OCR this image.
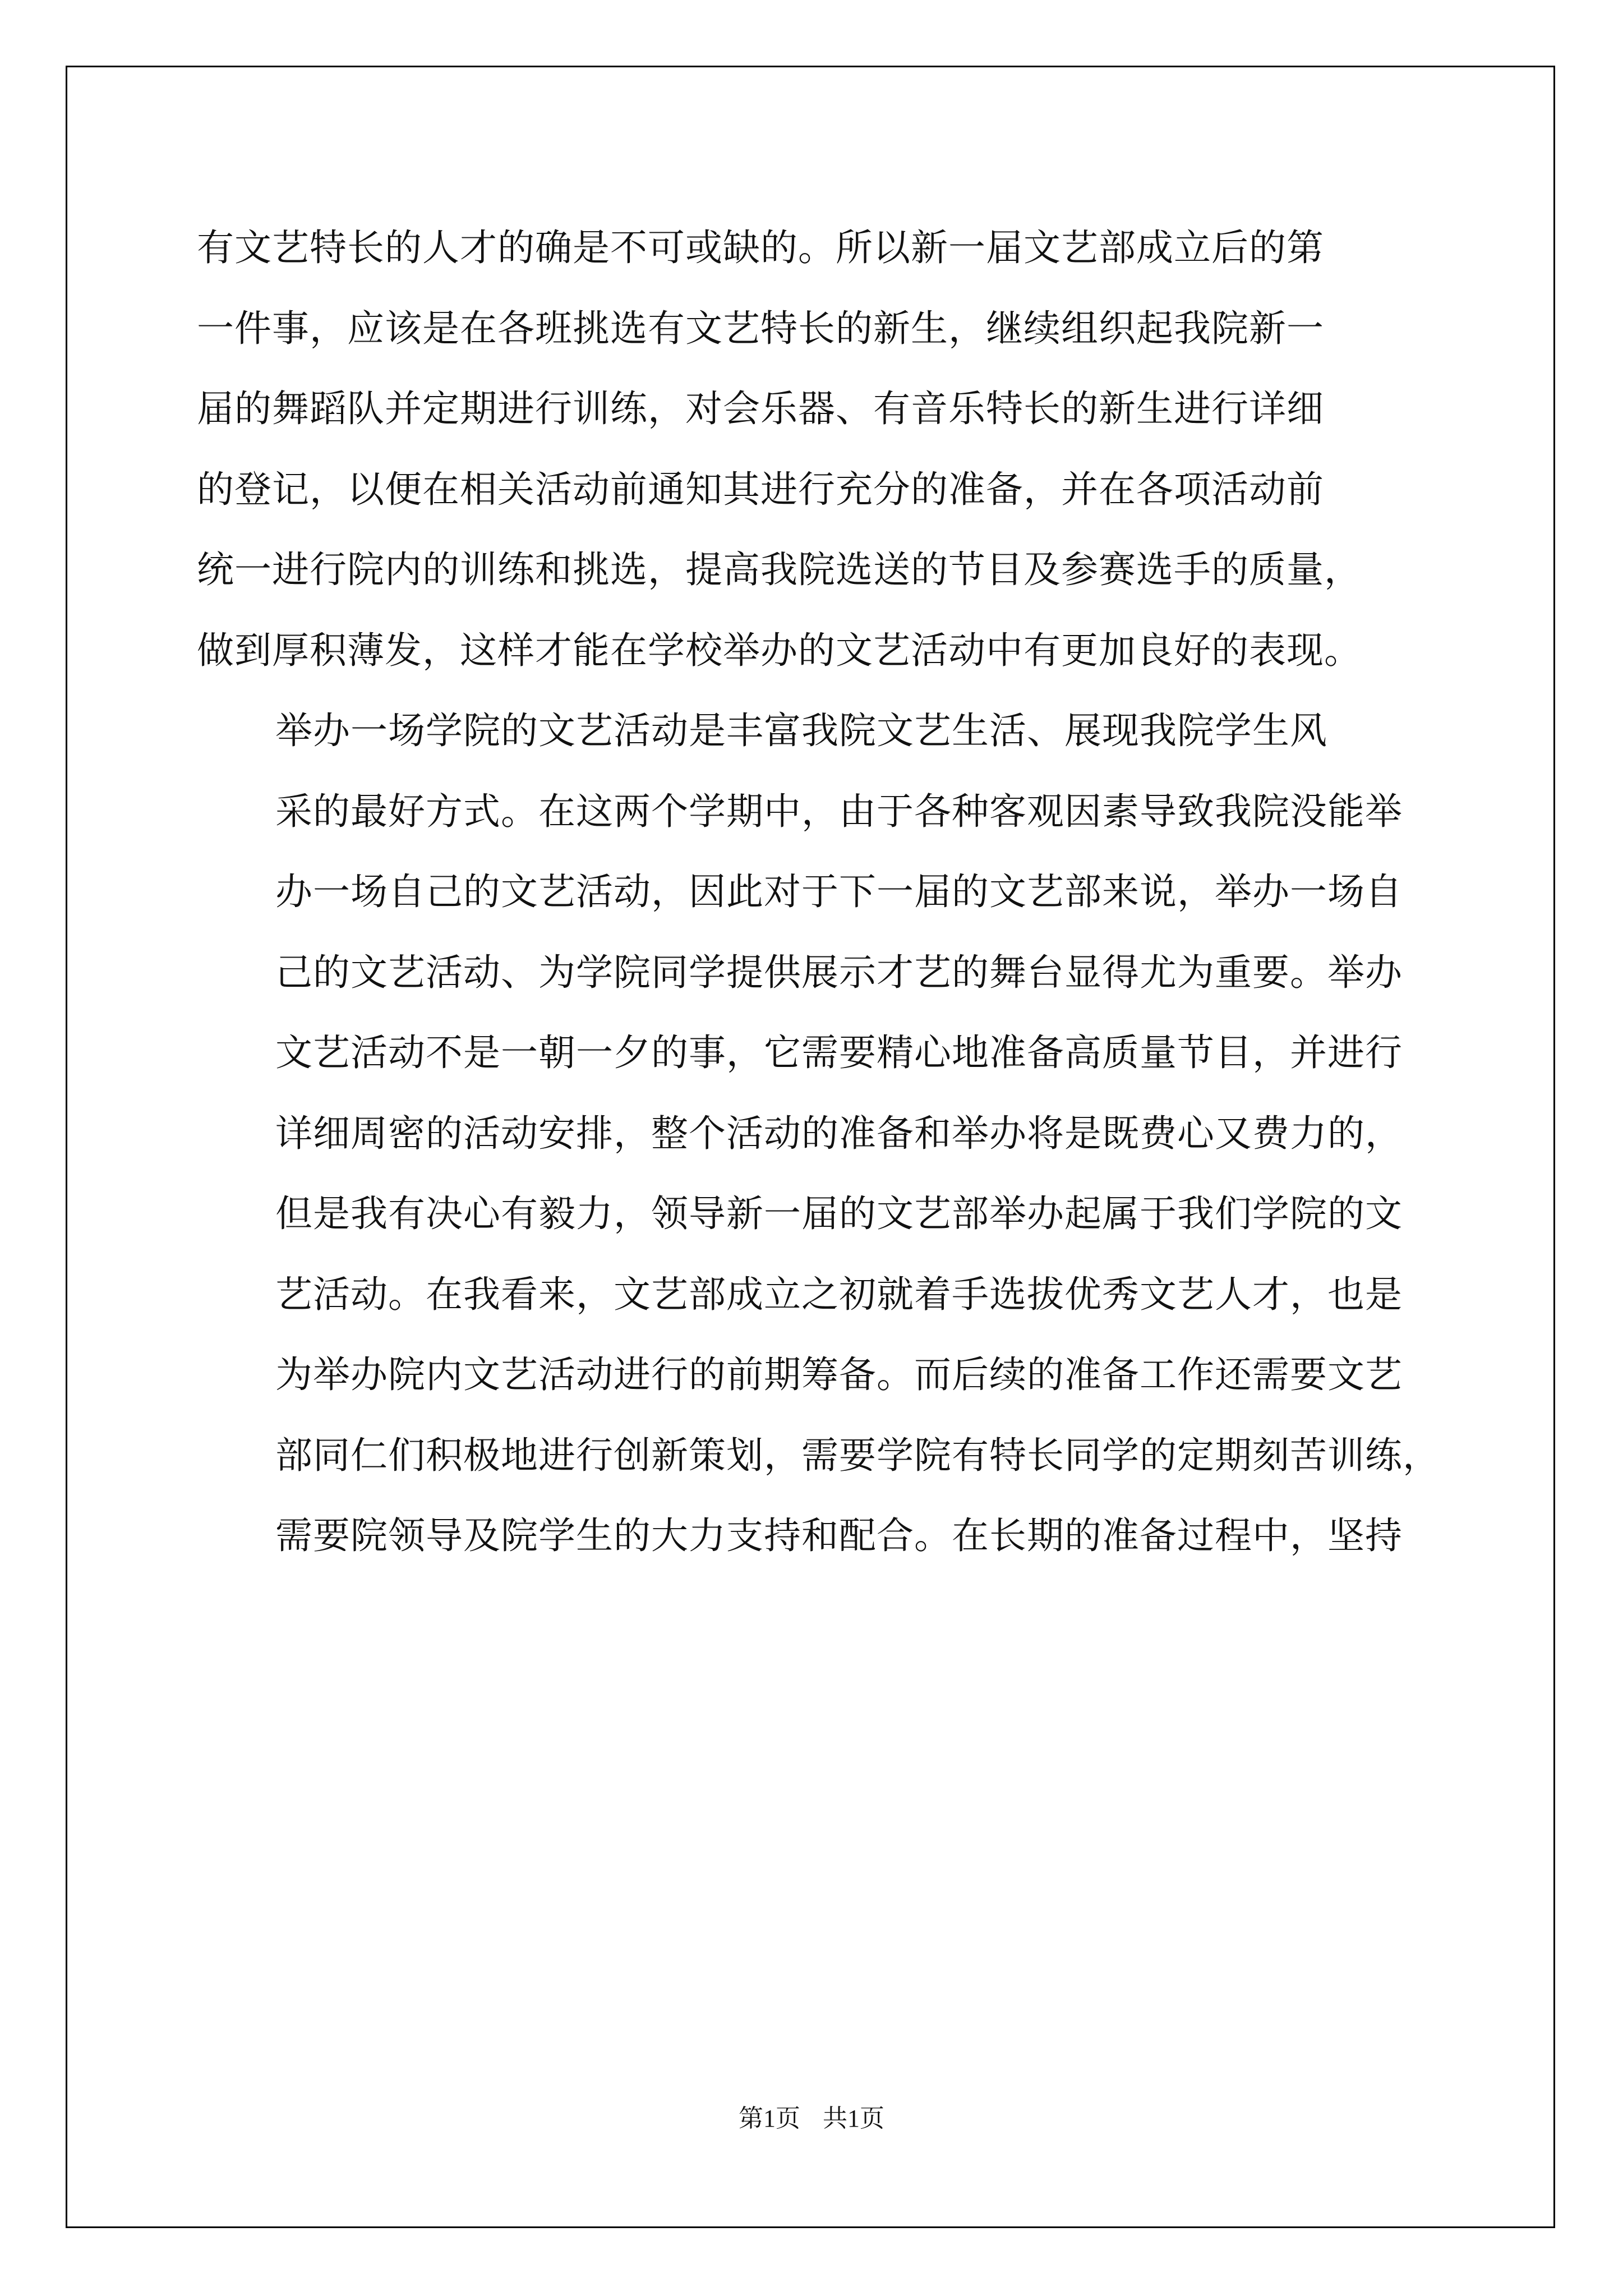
有文艺特长的人才的确是不可或缺的。所以新一届文艺部成立后的第
一件事，应该是在各班挑选有文艺特长的新生，继续组织起我院新一
届的舞蹈队并定期进行训练，对会乐器、有音乐特长的新生进行详细
的登记，以便在相关活动前通知其进行充分的准备，并在各项活动前
统一进行院内的训练和挑选，提高我院选送的节目及参赛选手的质量，
做到厚积薄发，这样才能在学校举办的文艺活动中有更加良好的表现。

举办一场学院的文艺活动是丰富我院文艺生活、展现我院学生风
采的最好方式。在这两个学期中，由于各种客观因素导致我院没能举
办一场自己的文艺活动，因此对于下一届的文艺部来说，举办一场自
己的文艺活动、为学院同学提供展示才艺的舞台显得尤为重要。举办
文艺活动不是一朝一夕的事，它需要精心地准备高质量节目，并进行
详细周密的活动安排，整个活动的准备和举办将是既费心又费力的，
但是我有决心有毅力，领导新一届的文艺部举办起属于我们学院的文
艺活动。在我看来，文艺部成立之初就着手选拔优秀文艺人才，也是
为举办院内文艺活动进行的前期筹备。而后续的准备工作还需要文艺
部同仁们积极地进行创新策划，需要学院有特长同学的定期刻苦训练，
需要院领导及院学生的大力支持和配合。在长期的准备过程中，坚持

第1页 共1页
